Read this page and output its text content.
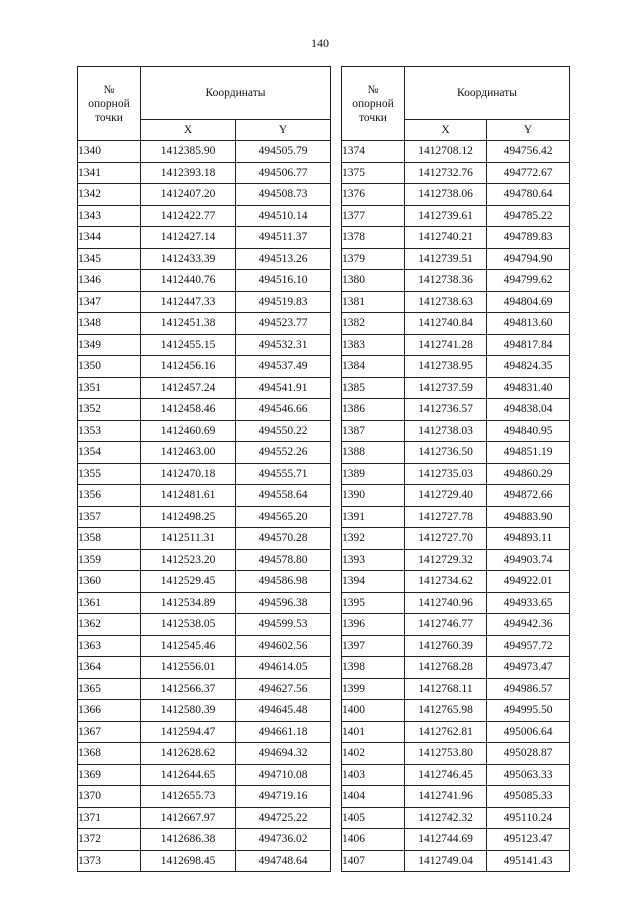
140
№
опорной
точки	Координаты	
	X	Y
1340	1412385.90	494505.79
1341	1412393.18	494506.77
1342	1412407.20	494508.73
1343	1412422.77	494510.14
1344	1412427.14	494511.37
1345	1412433.39	494513.26
1346	1412440.76	494516.10
1347	1412447.33	494519.83
1348	1412451.38	494523.77
1349	1412455.15	494532.31
1350	1412456.16	494537.49
1351	1412457.24	494541.91
1352	1412458.46	494546.66
1353	1412460.69	494550.22
1354	1412463.00	494552.26
1355	1412470.18	494555.71
1356	1412481.61	494558.64
1357	1412498.25	494565.20
1358	1412511.31	494570.28
1359	1412523.20	494578.80
1360	1412529.45	494586.98
1361	1412534.89	494596.38
1362	1412538.05	494599.53
1363	1412545.46	494602.56
1364	1412556.01	494614.05
1365	1412566.37	494627.56
1366	1412580.39	494645.48
1367	1412594.47	494661.18
1368	1412628.62	494694.32
1369	1412644.65	494710.08
1370	1412655.73	494719.16
1371	1412667.97	494725.22
1372	1412686.38	494736.02
1373	1412698.45	494748.64
№
опорной
точки	Координаты	
	X	Y
1374	1412708.12	494756.42
1375	1412732.76	494772.67
1376	1412738.06	494780.64
1377	1412739.61	494785.22
1378	1412740.21	494789.83
1379	1412739.51	494794.90
1380	1412738.36	494799.62
1381	1412738.63	494804.69
1382	1412740.84	494813.60
1383	1412741.28	494817.84
1384	1412738.95	494824.35
1385	1412737.59	494831.40
1386	1412736.57	494838.04
1387	1412738.03	494840.95
1388	1412736.50	494851.19
1389	1412735.03	494860.29
1390	1412729.40	494872.66
1391	1412727.78	494883.90
1392	1412727.70	494893.11
1393	1412729.32	494903.74
1394	1412734.62	494922.01
1395	1412740.96	494933.65
1396	1412746.77	494942.36
1397	1412760.39	494957.72
1398	1412768.28	494973.47
1399	1412768.11	494986.57
1400	1412765.98	494995.50
1401	1412762.81	495006.64
1402	1412753.80	495028.87
1403	1412746.45	495063.33
1404	1412741.96	495085.33
1405	1412742.32	495110.24
1406	1412744.69	495123.47
1407	1412749.04	495141.43
